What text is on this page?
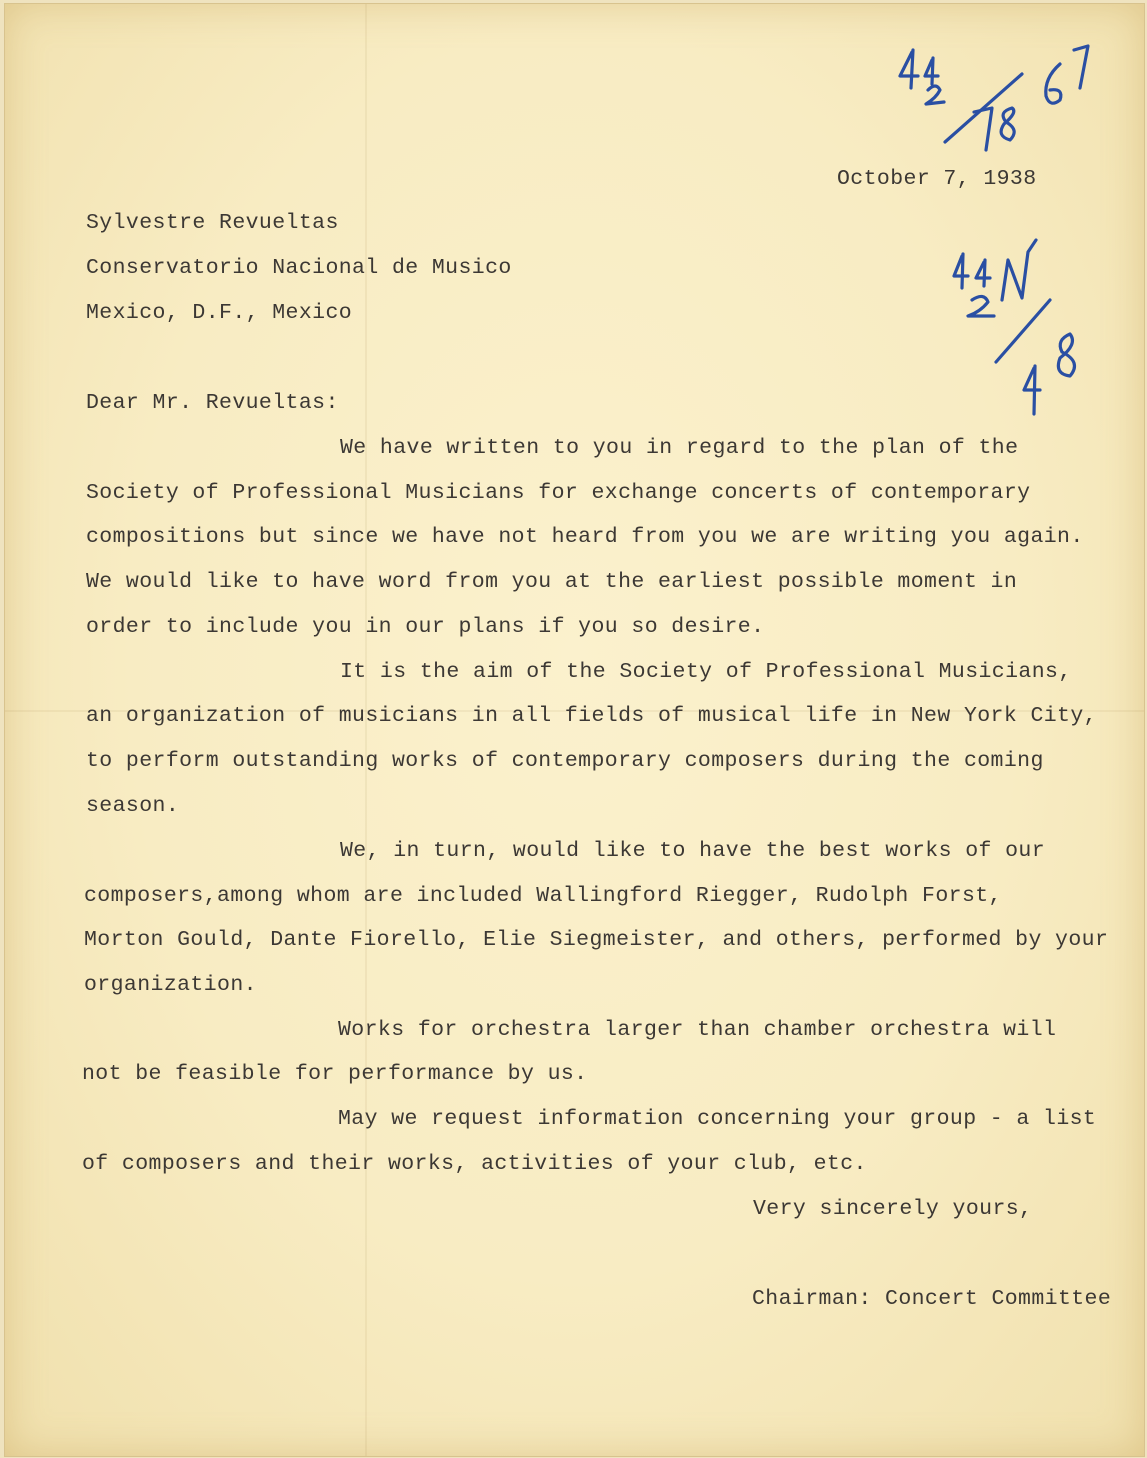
October 7, 1938
Sylvestre Revueltas
Conservatorio Nacional de Musico
Mexico, D.F., Mexico
Dear Mr. Revueltas:
We have written to you in regard to the plan of the
Society of Professional Musicians for exchange concerts of contemporary
compositions but since we have not heard from you we are writing you again.
We would like to have word from you at the earliest possible moment in
order to include you in our plans if you so desire.
It is the aim of the Society of Professional Musicians,
an organization of musicians in all fields of musical life in New York City,
to perform outstanding works of contemporary composers during the coming
season.
We, in turn, would like to have the best works of our
composers,among whom are included Wallingford Riegger, Rudolph Forst,
Morton Gould, Dante Fiorello, Elie Siegmeister, and others, performed by your
organization.
Works for orchestra larger than chamber orchestra will
not be feasible for performance by us.
May we request information concerning your group - a list
of composers and their works, activities of your club, etc.
Very sincerely yours,
Chairman: Concert Committee
